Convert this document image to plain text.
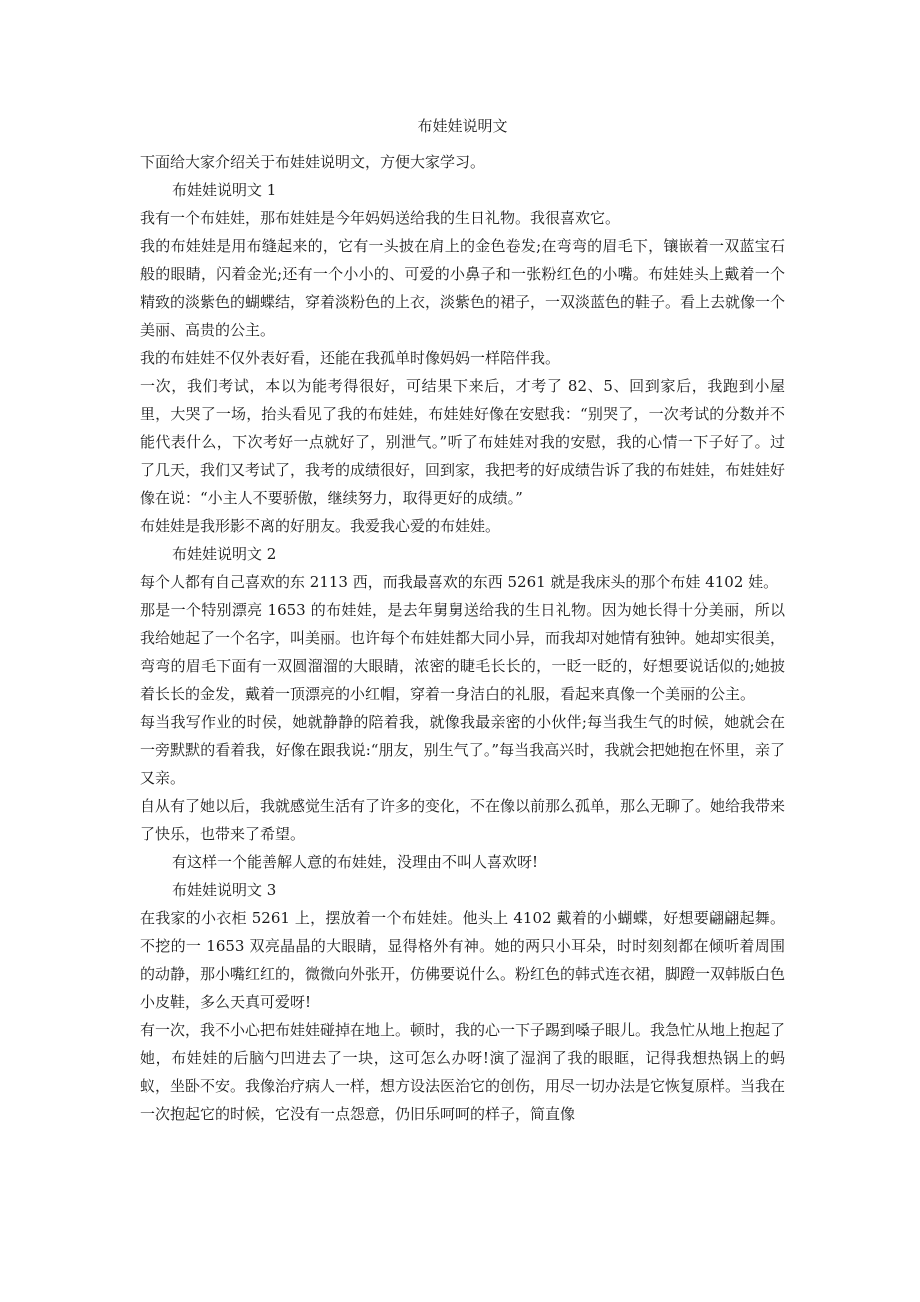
布娃娃说明文

下面给大家介绍关于布娃娃说明文，方便大家学习。

布娃娃说明文 1

我有一个布娃娃，那布娃娃是今年妈妈送给我的生日礼物。我很喜欢它。

我的布娃娃是用布缝起来的，它有一头披在肩上的金色卷发;在弯弯的眉毛下，镶嵌着一双蓝宝石般的眼睛，闪着金光;还有一个小小的、可爱的小鼻子和一张粉红色的小嘴。布娃娃头上戴着一个精致的淡紫色的蝴蝶结，穿着淡粉色的上衣，淡紫色的裙子，一双淡蓝色的鞋子。看上去就像一个美丽、高贵的公主。

我的布娃娃不仅外表好看，还能在我孤单时像妈妈一样陪伴我。

一次，我们考试，本以为能考得很好，可结果下来后，才考了 82、5、回到家后，我跑到小屋里，大哭了一场，抬头看见了我的布娃娃，布娃娃好像在安慰我：“别哭了，一次考试的分数并不能代表什么，下次考好一点就好了，别泄气。”听了布娃娃对我的安慰，我的心情一下子好了。过了几天，我们又考试了，我考的成绩很好，回到家，我把考的好成绩告诉了我的布娃娃，布娃娃好像在说：“小主人不要骄傲，继续努力，取得更好的成绩。”

布娃娃是我形影不离的好朋友。我爱我心爱的布娃娃。

布娃娃说明文 2

每个人都有自己喜欢的东 2113 西，而我最喜欢的东西 5261 就是我床头的那个布娃 4102 娃。

那是一个特别漂亮 1653 的布娃娃，是去年舅舅送给我的生日礼物。因为她长得十分美丽，所以我给她起了一个名字，叫美丽。也许每个布娃娃都大同小异，而我却对她情有独钟。她却实很美，弯弯的眉毛下面有一双圆溜溜的大眼睛，浓密的睫毛长长的，一眨一眨的，好想要说话似的;她披着长长的金发，戴着一顶漂亮的小红帽，穿着一身洁白的礼服，看起来真像一个美丽的公主。

每当我写作业的时侯，她就静静的陪着我，就像我最亲密的小伙伴;每当我生气的时候，她就会在一旁默默的看着我，好像在跟我说:“朋友，别生气了。”每当我高兴时，我就会把她抱在怀里，亲了又亲。

自从有了她以后，我就感觉生活有了许多的变化，不在像以前那么孤单，那么无聊了。她给我带来了快乐，也带来了希望。

有这样一个能善解人意的布娃娃，没理由不叫人喜欢呀!

布娃娃说明文 3

在我家的小衣柜 5261 上，摆放着一个布娃娃。他头上 4102 戴着的小蝴蝶，好想要翩翩起舞。不挖的一 1653 双亮晶晶的大眼睛，显得格外有神。她的两只小耳朵，时时刻刻都在倾听着周围的动静，那小嘴红红的，微微向外张开，仿佛要说什么。粉红色的韩式连衣裙，脚蹬一双韩版白色小皮鞋，多么天真可爱呀!

有一次，我不小心把布娃娃碰掉在地上。顿时，我的心一下子踢到嗓子眼儿。我急忙从地上抱起了她，布娃娃的后脑勺凹进去了一块，这可怎么办呀!演了湿润了我的眼眶，记得我想热锅上的蚂蚁，坐卧不安。我像治疗病人一样，想方设法医治它的创伤，用尽一切办法是它恢复原样。当我在一次抱起它的时候，它没有一点怨意，仍旧乐呵呵的样子，简直像
